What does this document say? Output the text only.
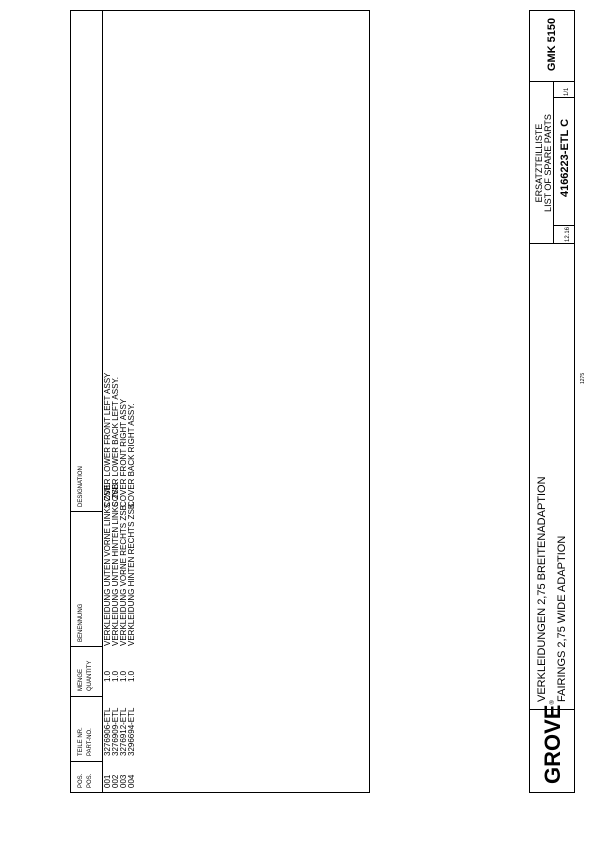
POS. POS.
TEILE NR. PART-NO.
MENGE QUANTITY
BENENNUNG
DESIGNATION
001
3276906-ETL
1.0
VERKLEIDUNG UNTEN VORNE LINKS ZSB.
COVER LOWER FRONT LEFT ASSY
002
3276909-ETL
1.0
VERKLEIDUNG UNTEN HINTEN LINKS ZSB.
COVER LOWER BACK LEFT ASSY.
003
3276912-ETL
1.0
VERKLEIDUNG VORNE RECHTS ZSB.
COVER FRONT RIGHT ASSY
004
3296694-ETL
1.0
VERKLEIDUNG HINTEN RECHTS ZSB.
COVER BACK RIGHT ASSY.
GROVE®
VERKLEIDUNGEN 2,75 BREITENADAPTION FAIRINGS 2,75 WIDE ADAPTION
ERSATZTEILLISTE LIST OF SPARE PARTS
12.16
4166223-ETL C
1/1
GMK 5150
1275
